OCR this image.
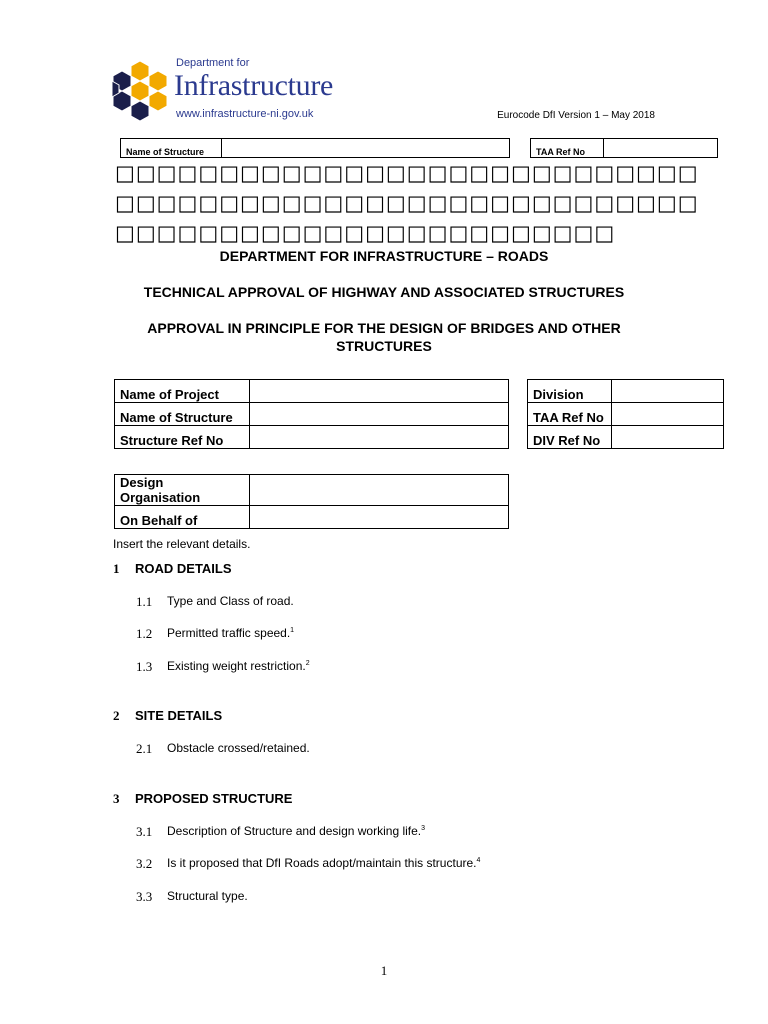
Department for
Infrastructure
www.infrastructure-ni.gov.uk	Eurocode DfI Version 1 – May 2018
Name of Structure		TAA Ref No	
□□□□□□□□□□□□□□□□□□□□□□□□□□□□
□□□□□□□□□□□□□□□□□□□□□□□□□□□□
□□□□□□□□□□□□□□□□□□□□□□□□
DEPARTMENT FOR INFRASTRUCTURE – ROADS
TECHNICAL APPROVAL OF HIGHWAY AND ASSOCIATED STRUCTURES
APPROVAL IN PRINCIPLE FOR THE DESIGN OF BRIDGES AND OTHER
STRUCTURES
Name of Project	
Name of Structure	
Structure Ref No	
Division	
TAA Ref No	
DIV Ref No	
Design Organisation	
On Behalf of	
Insert the relevant details.
1 ROAD DETAILS
1.1 Type and Class of road.
1.2 Permitted traffic speed.$^1$
1.3 Existing weight restriction.$^2$
2 SITE DETAILS
2.1 Obstacle crossed/retained.
3 PROPOSED STRUCTURE
3.1 Description of Structure and design working life.$^3$
3.2 Is it proposed that DfI Roads adopt/maintain this structure.$^4$
3.3 Structural type.
1
